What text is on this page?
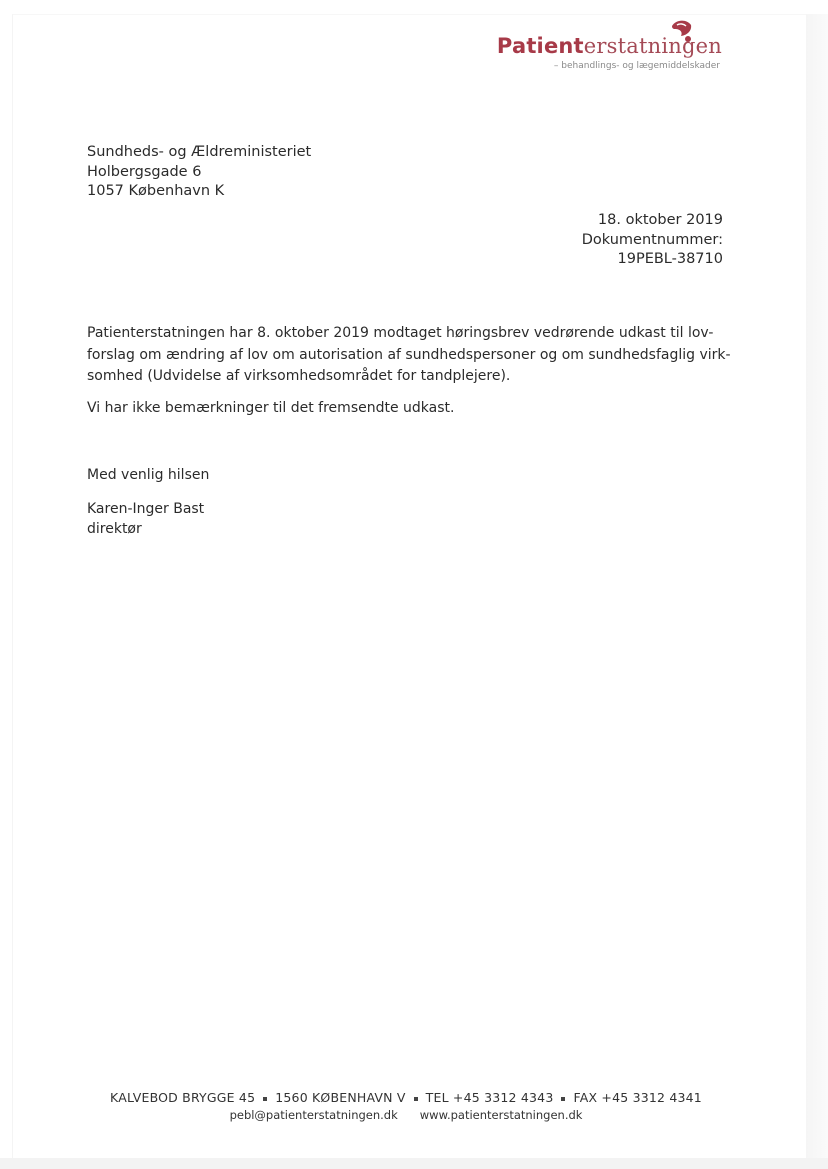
Patienterstatningen
– behandlings- og lægemiddelskader
Sundheds- og Ældreministeriet
Holbergsgade 6
1057 København K
18. oktober 2019
Dokumentnummer:
19PEBL-38710

Patienterstatningen har 8. oktober 2019 modtaget høringsbrev vedrørende udkast til lov-
forslag om ændring af lov om autorisation af sundhedspersoner og om sundhedsfaglig virk-
somhed (Udvidelse af virksomhedsområdet for tandplejere).

Vi har ikke bemærkninger til det fremsendte udkast.

Med venlig hilsen
Karen-Inger Bast
direktør
KALVEBOD BRYGGE 45 1560 KØBENHAVN V TEL +45 3312 4343 FAX +45 3312 4341
pebl@patienterstatningen.dk www.patienterstatningen.dk
